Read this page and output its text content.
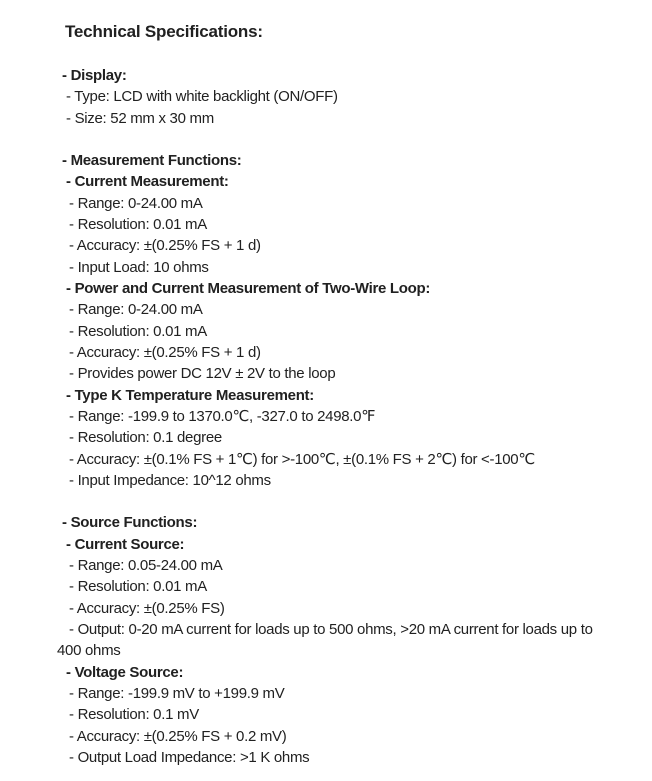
Technical Specifications:
- Display:
- Type: LCD with white backlight (ON/OFF)
- Size: 52 mm x 30 mm
- Measurement Functions:
- Current Measurement:
- Range: 0-24.00 mA
- Resolution: 0.01 mA
- Accuracy: ±(0.25% FS + 1 d)
- Input Load: 10 ohms
- Power and Current Measurement of Two-Wire Loop:
- Range: 0-24.00 mA
- Resolution: 0.01 mA
- Accuracy: ±(0.25% FS + 1 d)
- Provides power DC 12V ± 2V to the loop
- Type K Temperature Measurement:
- Range: -199.9 to 1370.0℃, -327.0 to 2498.0℉
- Resolution: 0.1 degree
- Accuracy: ±(0.1% FS + 1℃) for >-100℃, ±(0.1% FS + 2℃) for <-100℃
- Input Impedance: 10^12 ohms
- Source Functions:
- Current Source:
- Range: 0.05-24.00 mA
- Resolution: 0.01 mA
- Accuracy: ±(0.25% FS)
- Output: 0-20 mA current for loads up to 500 ohms, >20 mA current for loads up to
400 ohms
- Voltage Source:
- Range: -199.9 mV to +199.9 mV
- Resolution: 0.1 mV
- Accuracy: ±(0.25% FS + 0.2 mV)
- Output Load Impedance: >1 K ohms
